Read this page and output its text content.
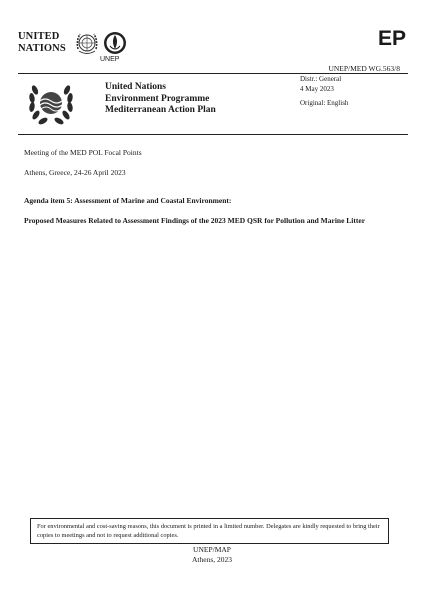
UNITED
NATIONS
UNEP
EP
UNEP/MED WG.563/8
United Nations
Environment Programme
Mediterranean Action Plan
Distr.: General
4 May 2023
Original: English
Meeting of the MED POL Focal Points
Athens, Greece, 24-26 April 2023
Agenda item 5: Assessment of Marine and Coastal Environment:
Proposed Measures Related to Assessment Findings of the 2023 MED QSR for Pollution and Marine Litter
For environmental and cost-saving reasons, this document is printed in a limited number. Delegates are kindly requested to bring their copies to meetings and not to request additional copies.
UNEP/MAP
Athens, 2023
